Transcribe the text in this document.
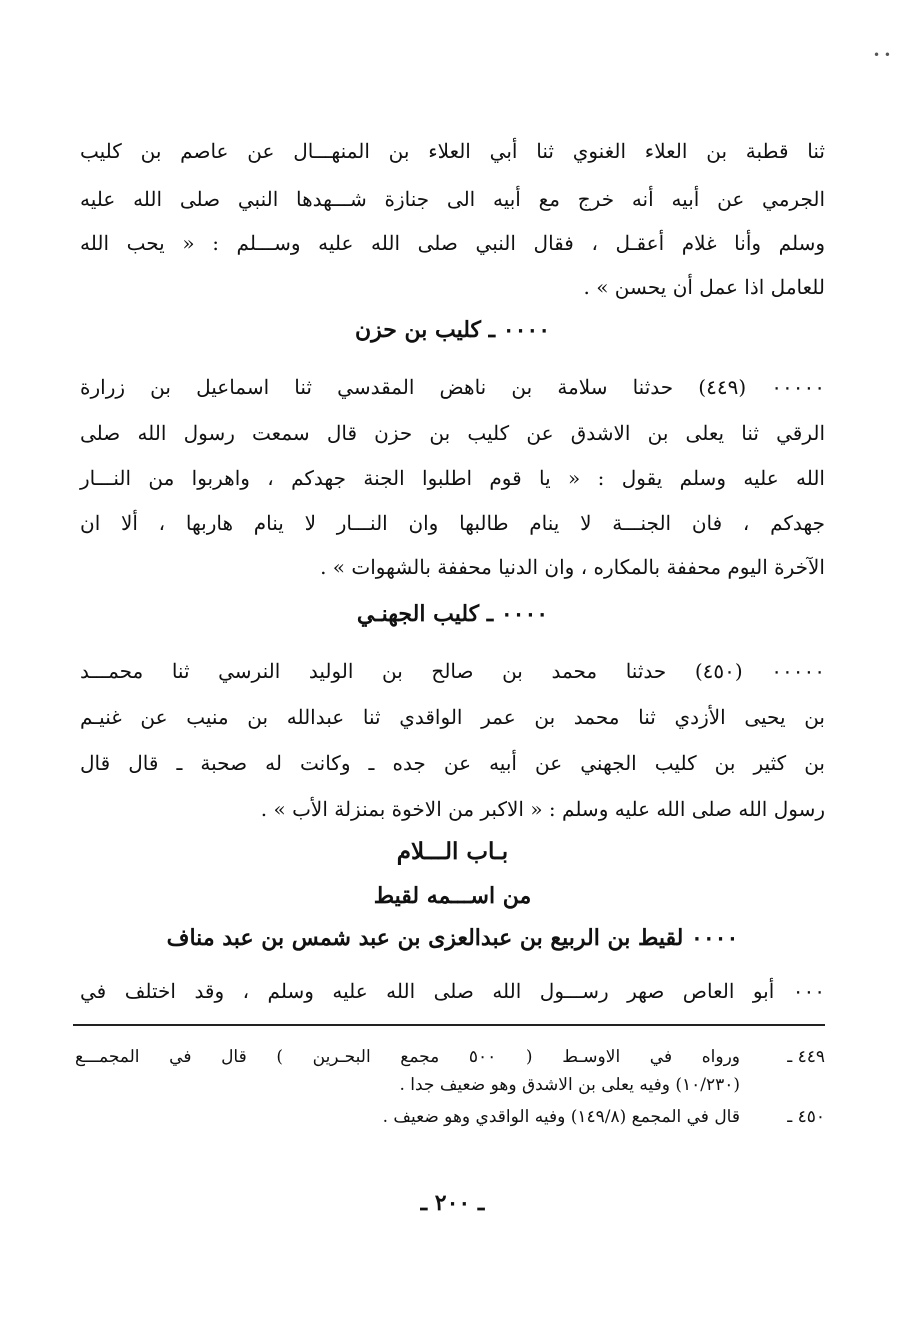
• •
ثنا قطبة بن العلاء الغنوي ثنا أبي العلاء بن المنهـــال عن عاصم بن كليب
الجرمي عن أبيه أنه خرج مع أبيه الى جنازة شـــهدها النبي صلى الله عليه
وسلم وأنا غلام أعقـل ، فقال النبي صلى الله عليه وســـلم : « يحب الله
للعامل اذا عمل أن يحسن » .
٠٠٠٠ ـ كليب بن حزن
٠٠٠٠٠ (٤٤٩) حدثنا سلامة بن ناهض المقدسي ثنا اسماعيل بن زرارة
الرقي ثنا يعلى بن الاشدق عن كليب بن حزن قال سمعت رسول الله صلى
الله عليه وسلم يقول : « يا قوم اطلبوا الجنة جهدكم ، واهربوا من النـــار
جهدكم ، فان الجنـــة لا ينام طالبها وان النـــار لا ينام هاربها ، ألا ان
الآخرة اليوم محففة بالمكاره ، وان الدنيا محففة بالشهوات » .
٠٠٠٠ ـ كليب الجهنـي
٠٠٠٠٠ (٤٥٠) حدثنا محمد بن صالح بن الوليد النرسي ثنا محمـــد
بن يحيى الأزدي ثنا محمد بن عمر الواقدي ثنا عبدالله بن منيب عن غنيـم
بن كثير بن كليب الجهني عن أبيه عن جده ـ وكانت له صحبة ـ قال قال
رسول الله صلى الله عليه وسلم : « الاكبر من الاخوة بمنزلة الأب » .
بـاب الـــلام
من اســـمه لقيط
٠٠٠٠ لقيط بن الربيع بن عبدالعزى بن عبد شمس بن عبد مناف
٠٠٠ أبو العاص صهر رســـول الله صلى الله عليه وسلم ، وقد اختلف في
٤٤٩ ـ
ورواه في الاوسـط ( ٥٠٠ مجمع البحـرين ) قال في المجمـــع
(١٠/٢٣٠) وفيه يعلى بن الاشدق وهو ضعيف جدا .
٤٥٠ ـ
قال في المجمع (١٤٩/٨) وفيه الواقدي وهو ضعيف .
ـ ٢٠٠ ـ
